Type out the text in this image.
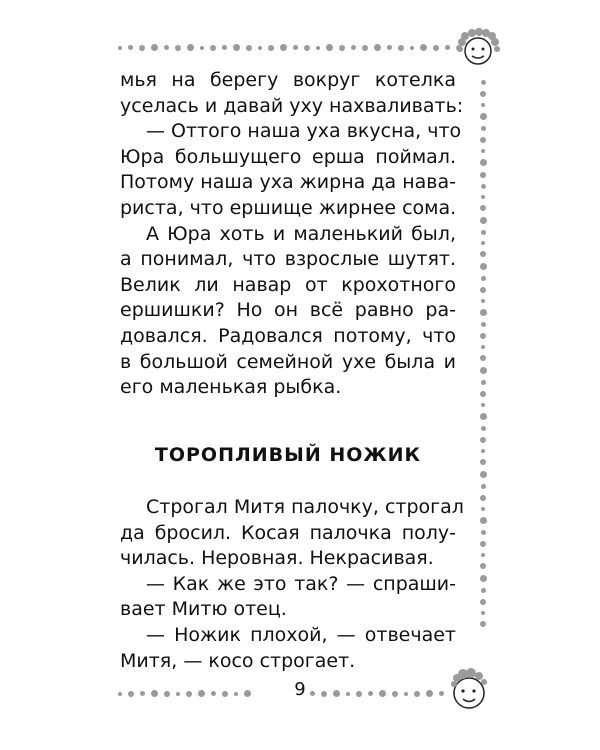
мья на берегу вокруг котелка
уселась и давай уху нахваливать:
— Оттого наша уха вкусна, что
Юра большущего ерша поймал.
Потому наша уха жирна да нава-
риста, что ершище жирнее сома.
А Юра хоть и маленький был,
а понимал, что взрослые шутят.
Велик ли навар от крохотного
ершишки? Но он всё равно ра-
довался. Радовался потому, что
в большой семейной ухе была и
его маленькая рыбка.
ТОРОПЛИВЫЙ НОЖИК
Строгал Митя палочку, строгал
да бросил. Косая палочка полу-
чилась. Неровная. Некрасивая.
— Как же это так? — спраши-
вает Митю отец.
— Ножик плохой, — отвечает
Митя, — косо строгает.
9
